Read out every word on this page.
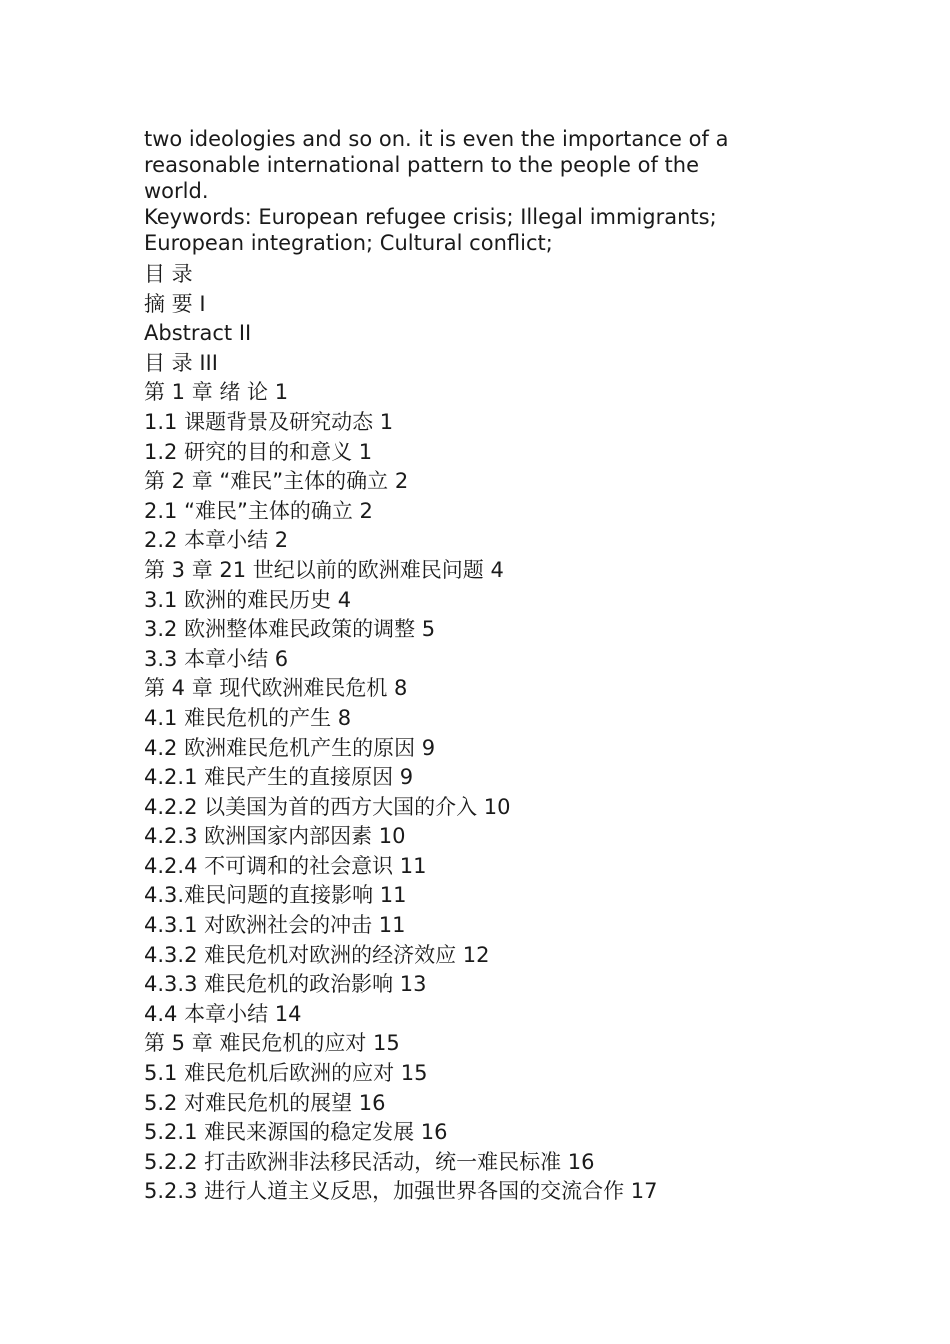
two ideologies and so on. it is even the importance of a

reasonable international pattern to the people of the

world.

Keywords: European refugee crisis; Illegal immigrants;

European integration; Cultural conflict;

目 录
摘 要 I
Abstract II
目 录 III
第 1 章 绪 论 1
1.1 课题背景及研究动态 1
1.2 研究的目的和意义 1
第 2 章 “难民”主体的确立 2
2.1 “难民”主体的确立 2
2.2 本章小结 2
第 3 章 21 世纪以前的欧洲难民问题 4
3.1 欧洲的难民历史 4
3.2 欧洲整体难民政策的调整 5
3.3 本章小结 6
第 4 章 现代欧洲难民危机 8
4.1 难民危机的产生 8
4.2 欧洲难民危机产生的原因 9
4.2.1 难民产生的直接原因 9
4.2.2 以美国为首的西方大国的介入 10
4.2.3 欧洲国家内部因素 10
4.2.4 不可调和的社会意识 11
4.3.难民问题的直接影响 11
4.3.1 对欧洲社会的冲击 11
4.3.2 难民危机对欧洲的经济效应 12
4.3.3 难民危机的政治影响 13
4.4 本章小结 14
第 5 章 难民危机的应对 15
5.1 难民危机后欧洲的应对 15
5.2 对难民危机的展望 16
5.2.1 难民来源国的稳定发展 16
5.2.2 打击欧洲非法移民活动，统一难民标准 16
5.2.3 进行人道主义反思，加强世界各国的交流合作 17
